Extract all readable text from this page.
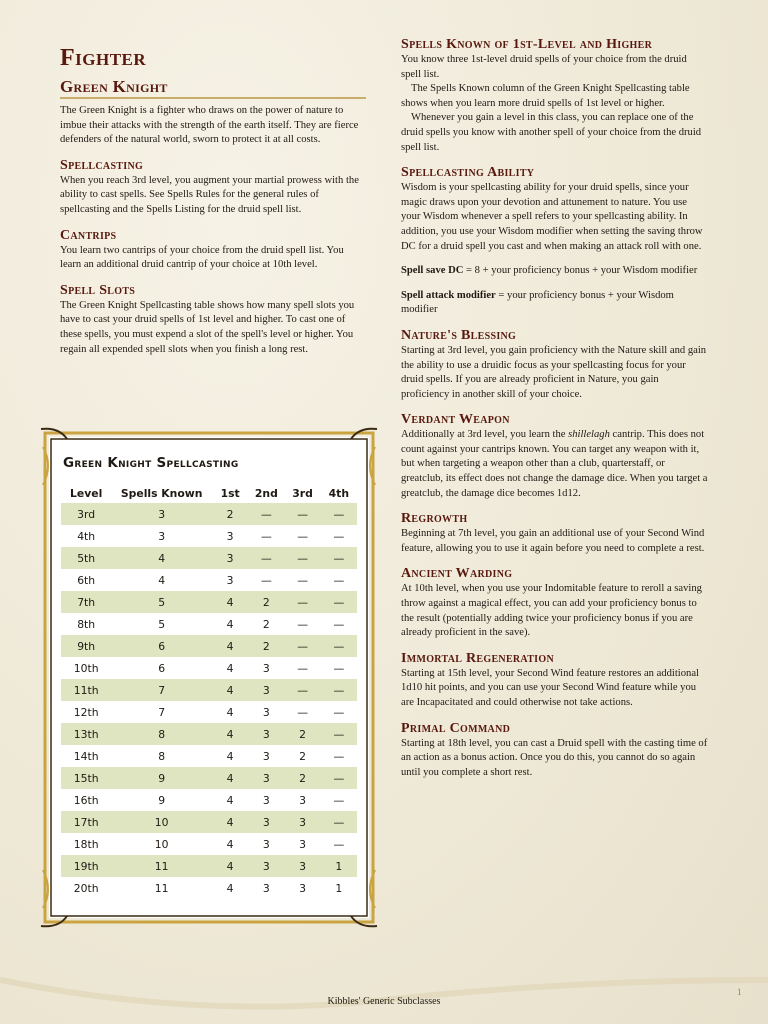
Fighter
Green Knight

The Green Knight is a fighter who draws on the power of nature to imbue their attacks with the strength of the earth itself. They are fierce defenders of the natural world, sworn to protect it at all costs.

Spellcasting

When you reach 3rd level, you augment your martial prowess with the ability to cast spells. See Spells Rules for the general rules of spellcasting and the Spells Listing for the druid spell list.

Cantrips

You learn two cantrips of your choice from the druid spell list. You learn an additional druid cantrip of your choice at 10th level.

Spell Slots

The Green Knight Spellcasting table shows how many spell slots you have to cast your druid spells of 1st level and higher. To cast one of these spells, you must expend a slot of the spell's level or higher. You regain all expended spell slots when you finish a long rest.

Green Knight Spellcasting
Level	Spells Known	1st	2nd	3rd	4th
3rd	3	2	—	—	—
4th	3	3	—	—	—
5th	4	3	—	—	—
6th	4	3	—	—	—
7th	5	4	2	—	—
8th	5	4	2	—	—
9th	6	4	2	—	—
10th	6	4	3	—	—
11th	7	4	3	—	—
12th	7	4	3	—	—
13th	8	4	3	2	—
14th	8	4	3	2	—
15th	9	4	3	2	—
16th	9	4	3	3	—
17th	10	4	3	3	—
18th	10	4	3	3	—
19th	11	4	3	3	1
20th	11	4	3	3	1
Spells Known of 1st-Level and Higher

You know three 1st-level druid spells of your choice from the druid spell list.

The Spells Known column of the Green Knight Spellcasting table shows when you learn more druid spells of 1st level or higher.

Whenever you gain a level in this class, you can replace one of the druid spells you know with another spell of your choice from the druid spell list.

Spellcasting Ability

Wisdom is your spellcasting ability for your druid spells, since your magic draws upon your devotion and attunement to nature. You use your Wisdom whenever a spell refers to your spellcasting ability. In addition, you use your Wisdom modifier when setting the saving throw DC for a druid spell you cast and when making an attack roll with one.

Spell save DC = 8 + your proficiency bonus + your Wisdom modifier

Spell attack modifier = your proficiency bonus + your Wisdom modifier

Nature's Blessing

Starting at 3rd level, you gain proficiency with the Nature skill and gain the ability to use a druidic focus as your spellcasting focus for your druid spells. If you are already proficient in Nature, you gain proficiency in another skill of your choice.

Verdant Weapon

Additionally at 3rd level, you learn the shillelagh cantrip. This does not count against your cantrips known. You can target any weapon with it, but when targeting a weapon other than a club, quarterstaff, or greatclub, its effect does not change the damage dice. When you target a greatclub, the damage dice becomes 1d12.

Regrowth

Beginning at 7th level, you gain an additional use of your Second Wind feature, allowing you to use it again before you need to complete a rest.

Ancient Warding

At 10th level, when you use your Indomitable feature to reroll a saving throw against a magical effect, you can add your proficiency bonus to the result (potentially adding twice your proficiency bonus if you are already proficient in the save).

Immortal Regeneration

Starting at 15th level, your Second Wind feature restores an additional 1d10 hit points, and you can use your Second Wind feature while you are Incapacitated and could otherwise not take actions.

Primal Command

Starting at 18th level, you can cast a Druid spell with the casting time of an action as a bonus action. Once you do this, you cannot do so again until you complete a short rest.

Kibbles' Generic Subclasses
1
